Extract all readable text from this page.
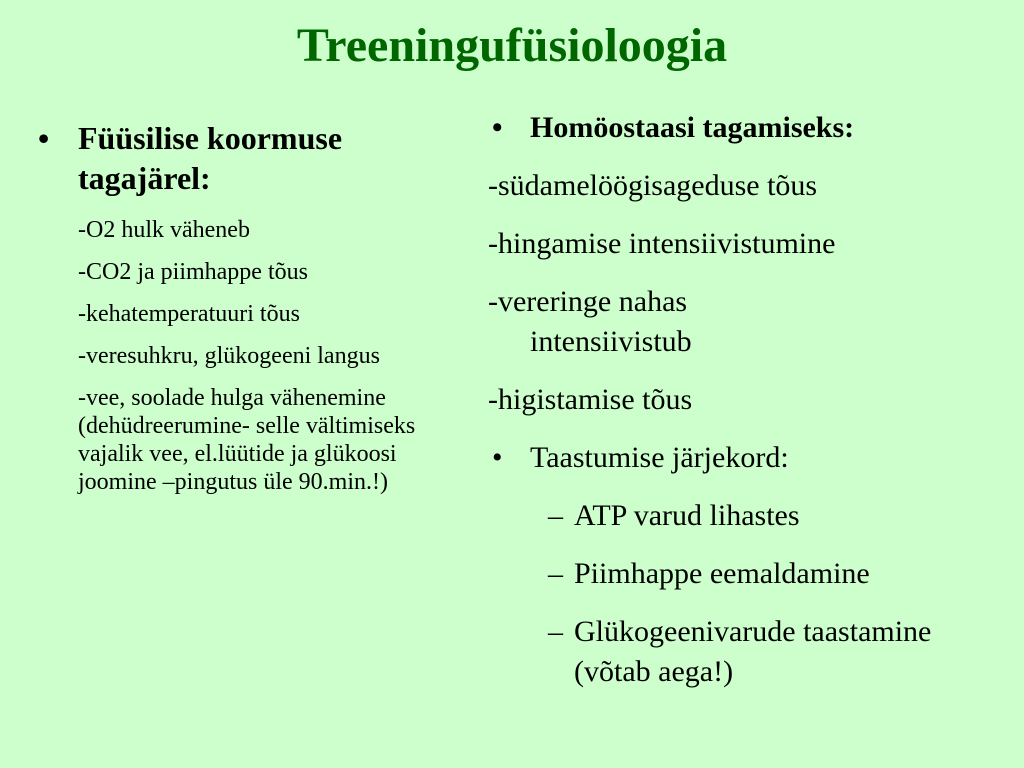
Treeningufüsioloogia
• Füüsilise koormuse tagajärel:
-O2 hulk väheneb
-CO2 ja piimhappe tõus
-kehatemperatuuri tõus
-veresuhkru, glükogeeni langus
-vee, soolade hulga vähenemine (dehüdreerumine- selle vältimiseks vajalik vee, el.lüütide ja glükoosi joomine –pingutus üle 90.min.!)
• Homöostaasi tagamiseks:
-südamelöögisageduse tõus
-hingamise intensiivistumine
-vereringe nahas
intensiivistub
-higistamise tõus
• Taastumise järjekord:
– ATP varud lihastes
– Piimhappe eemaldamine
– Glükogeenivarude taastamine (võtab aega!)
